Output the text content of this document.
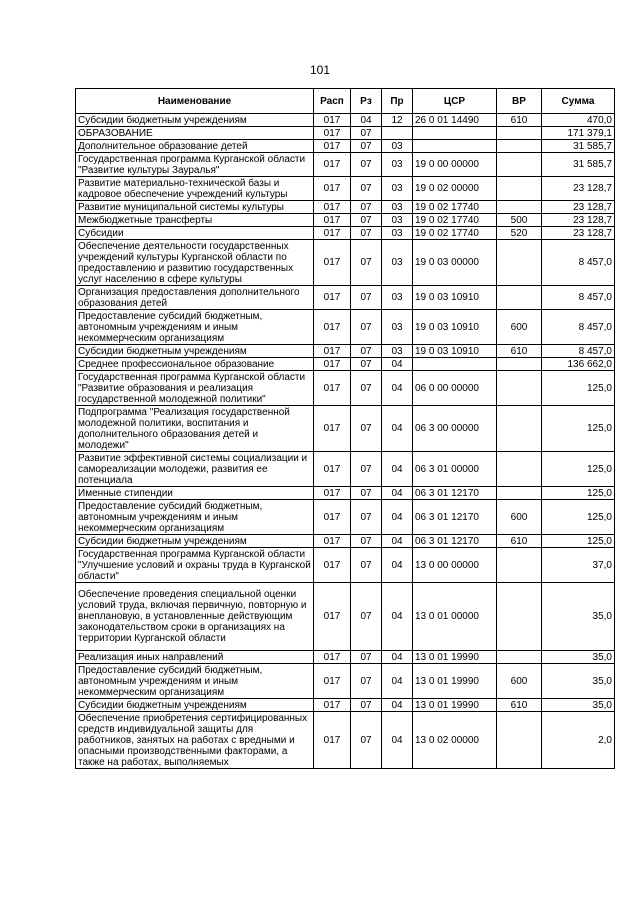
101
Наименование	Расп	Рз	Пр	ЦСР	ВР	Сумма
Субсидии бюджетным учреждениям	017	04	12	26 0 01 14490	610	470,0
ОБРАЗОВАНИЕ	017	07				171 379,1
Дополнительное образование детей	017	07	03			31 585,7
Государственная программа Курганской области "Развитие культуры Зауралья"	017	07	03	19 0 00 00000		31 585,7
Развитие материально-технической базы и кадровое обеспечение учреждений культуры	017	07	03	19 0 02 00000		23 128,7
Развитие муниципальной системы культуры	017	07	03	19 0 02 17740		23 128,7
Межбюджетные трансферты	017	07	03	19 0 02 17740	500	23 128,7
Субсидии	017	07	03	19 0 02 17740	520	23 128,7
Обеспечение деятельности государственных учреждений культуры Курганской области по предоставлению и развитию государственных услуг населению в сфере культуры	017	07	03	19 0 03 00000		8 457,0
Организация предоставления дополнительного образования детей	017	07	03	19 0 03 10910		8 457,0
Предоставление субсидий бюджетным, автономным учреждениям и иным некоммерческим организациям	017	07	03	19 0 03 10910	600	8 457,0
Субсидии бюджетным учреждениям	017	07	03	19 0 03 10910	610	8 457,0
Среднее профессиональное образование	017	07	04			136 662,0
Государственная программа Курганской области "Развитие образования и реализация государственной молодежной политики"	017	07	04	06 0 00 00000		125,0
Подпрограмма "Реализация государственной молодежной политики, воспитания и дополнительного образования детей и молодежи"	017	07	04	06 3 00 00000		125,0
Развитие эффективной системы социализации и самореализации молодежи, развития ее потенциала	017	07	04	06 3 01 00000		125,0
Именные стипендии	017	07	04	06 3 01 12170		125,0
Предоставление субсидий бюджетным, автономным учреждениям и иным некоммерческим организациям	017	07	04	06 3 01 12170	600	125,0
Субсидии бюджетным учреждениям	017	07	04	06 3 01 12170	610	125,0
Государственная программа Курганской области "Улучшение условий и охраны труда в Курганской области"	017	07	04	13 0 00 00000		37,0
Обеспечение проведения специальной оценки условий труда, включая первичную, повторную и внеплановую, в установленные действующим законодательством сроки в организациях на территории Курганской области	017	07	04	13 0 01 00000		35,0
Реализация иных направлений	017	07	04	13 0 01 19990		35,0
Предоставление субсидий бюджетным, автономным учреждениям и иным некоммерческим организациям	017	07	04	13 0 01 19990	600	35,0
Субсидии бюджетным учреждениям	017	07	04	13 0 01 19990	610	35,0
Обеспечение приобретения сертифицированных средств индивидуальной защиты для работников, занятых на работах с вредными и опасными производственными факторами, а также на работах, выполняемых	017	07	04	13 0 02 00000		2,0
